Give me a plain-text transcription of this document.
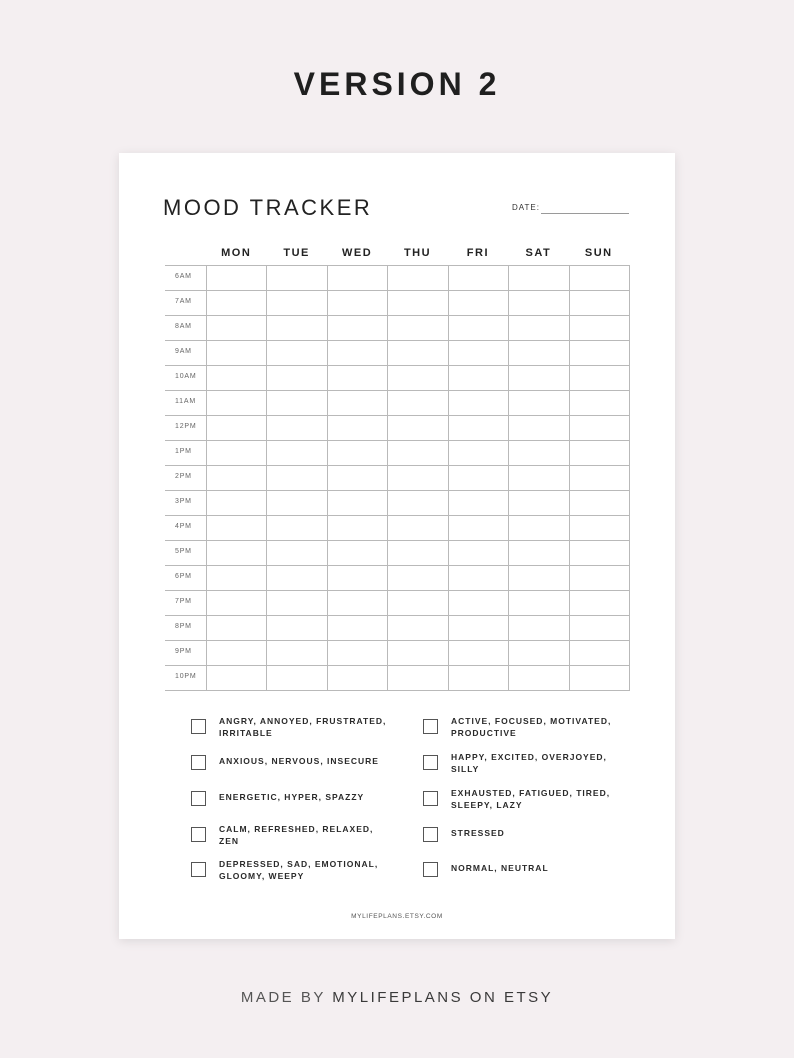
VERSION 2
MOOD TRACKER	DATE:
MON	TUE	WED	THU	FRI	SAT	SUN
6AM
7AM
8AM
9AM
10AM
11AM
12PM
1PM
2PM
3PM
4PM
5PM
6PM
7PM
8PM
9PM
10PM
ANGRY, ANNOYED, FRUSTRATED, IRRITABLE
ANXIOUS, NERVOUS, INSECURE
ENERGETIC, HYPER, SPAZZY
CALM, REFRESHED, RELAXED, ZEN
DEPRESSED, SAD, EMOTIONAL, GLOOMY, WEEPY
ACTIVE, FOCUSED, MOTIVATED, PRODUCTIVE
HAPPY, EXCITED, OVERJOYED, SILLY
EXHAUSTED, FATIGUED, TIRED, SLEEPY, LAZY
STRESSED
NORMAL, NEUTRAL
MYLIFEPLANS.ETSY.COM
MADE BY MYLIFEPLANS ON ETSY
